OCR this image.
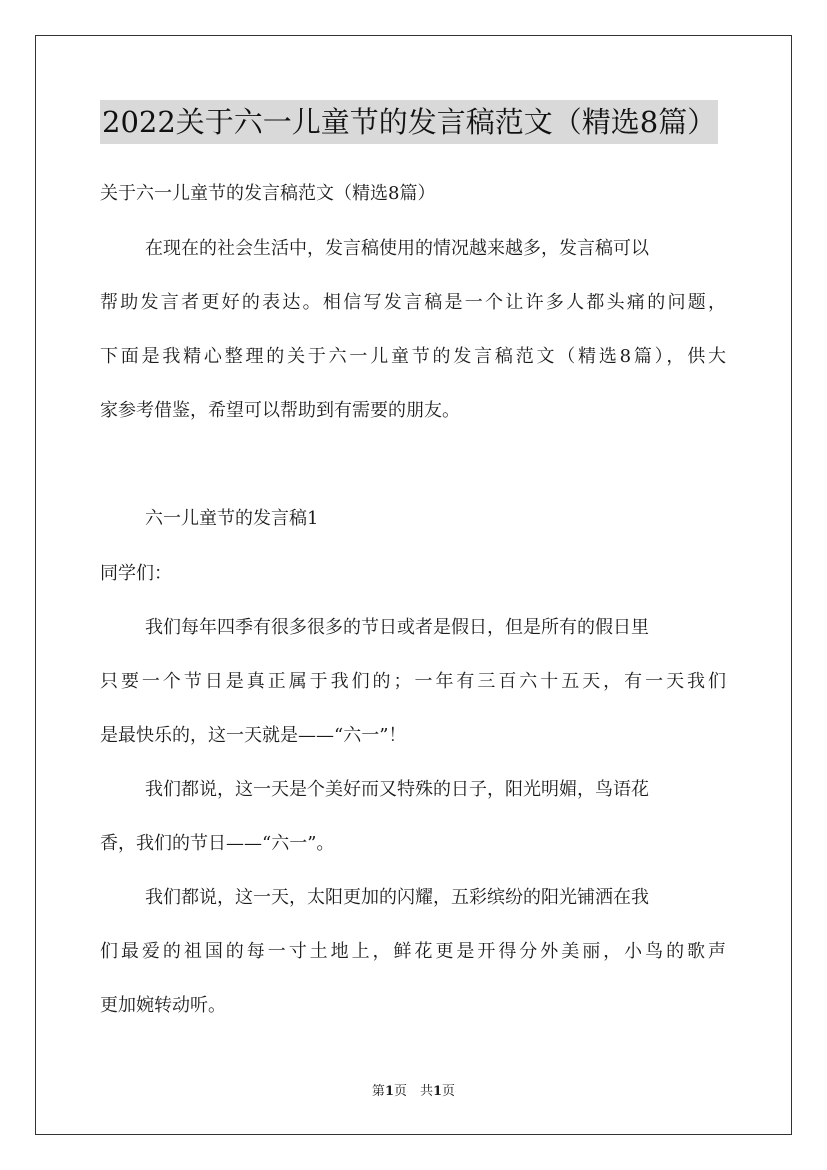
2022关于六一儿童节的发言稿范文（精选8篇）
关于六一儿童节的发言稿范文（精选8篇）
在现在的社会生活中，发言稿使用的情况越来越多，发言稿可以
帮助发言者更好的表达。相信写发言稿是一个让许多人都头痛的问题，
下面是我精心整理的关于六一儿童节的发言稿范文（精选8篇），供大
家参考借鉴，希望可以帮助到有需要的朋友。
六一儿童节的发言稿1
同学们：
我们每年四季有很多很多的节日或者是假日，但是所有的假日里
只要一个节日是真正属于我们的；一年有三百六十五天，有一天我们
是最快乐的，这一天就是——“六一”！
我们都说，这一天是个美好而又特殊的日子，阳光明媚，鸟语花
香，我们的节日——“六一”。
我们都说，这一天，太阳更加的闪耀，五彩缤纷的阳光铺洒在我
们最爱的祖国的每一寸土地上，鲜花更是开得分外美丽，小鸟的歌声
更加婉转动听。
第1页　共1页
